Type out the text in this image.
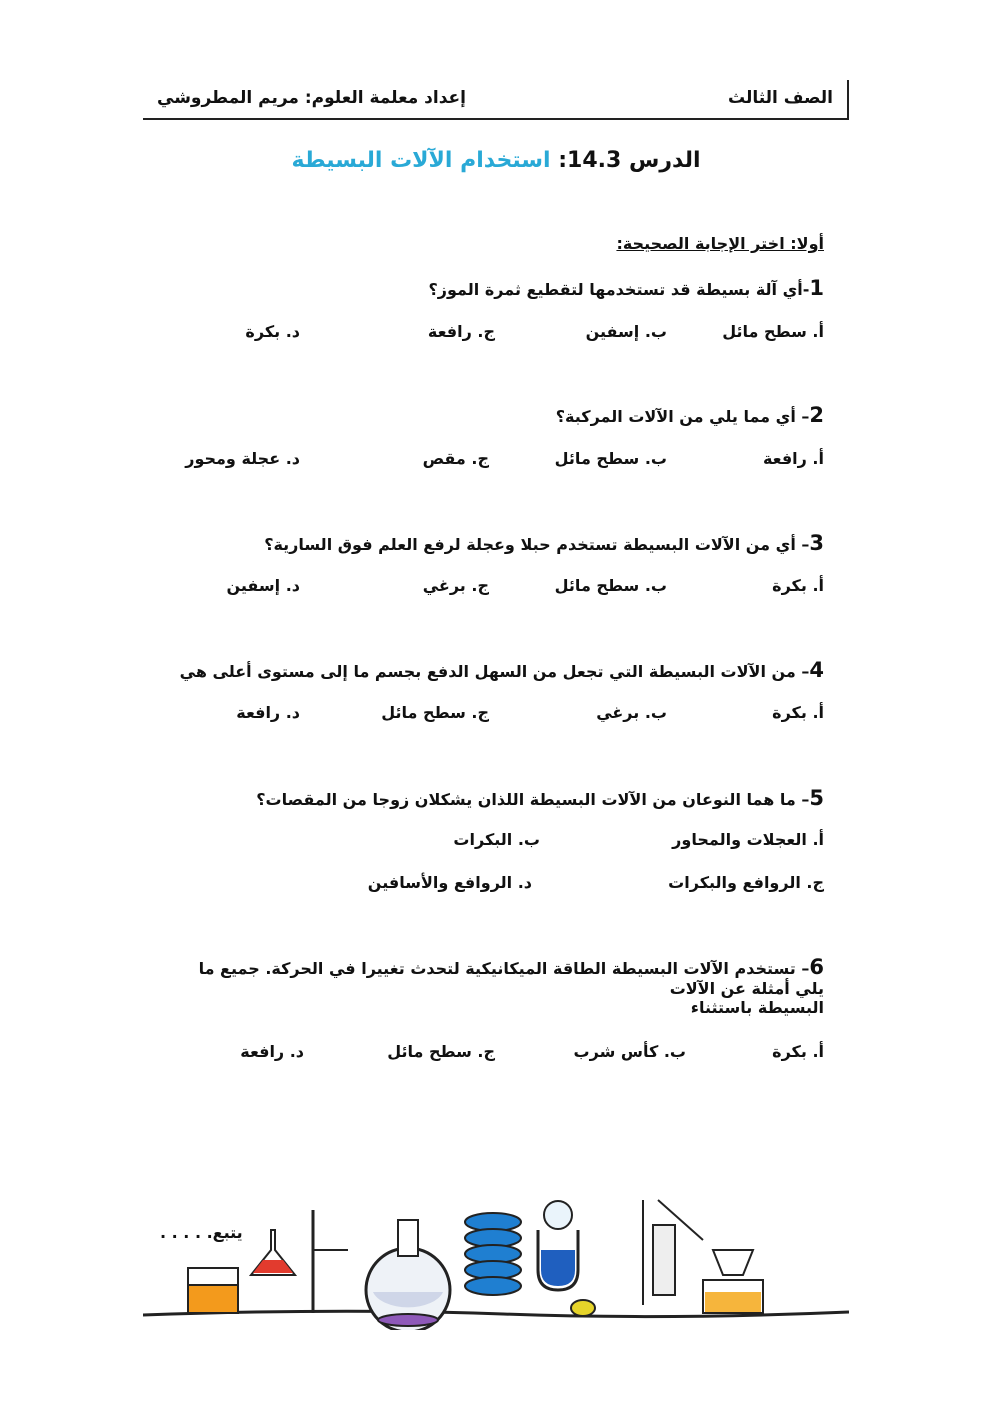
الصف الثالث
إعداد معلمة العلوم: مريم المطروشي
الدرس 14.3: استخدام الآلات البسيطة
أولا: اختر الإجابة الصحيحة:
1-أي آلة بسيطة قد تستخدمها لتقطيع ثمرة الموز؟
أ. سطح مائل
ب. إسفين
ج. رافعة
د. بكرة
2– أي مما يلي من الآلات المركبة؟
أ. رافعة
ب. سطح مائل
ج. مقص
د. عجلة ومحور
3– أي من الآلات البسيطة تستخدم حبلا وعجلة لرفع العلم فوق السارية؟
أ. بكرة
ب. سطح مائل
ج. برغي
د. إسفين
4– من الآلات البسيطة التي تجعل من السهل الدفع بجسم ما إلى مستوى أعلى هي
أ. بكرة
ب. برغي
ج. سطح مائل
د. رافعة
5– ما هما النوعان من الآلات البسيطة اللذان يشكلان زوجا من المقصات؟
أ. العجلات والمحاور
ب. البكرات
ج. الروافع والبكرات
د. الروافع والأسافين
6– تستخدم الآلات البسيطة الطاقة الميكانيكية لتحدث تغييرا في الحركة. جميع ما يلي أمثلة عن الآلات
البسيطة باستثناء
أ. بكرة
ب. كأس شرب
ج. سطح مائل
د. رافعة
يتبع. . . . .
